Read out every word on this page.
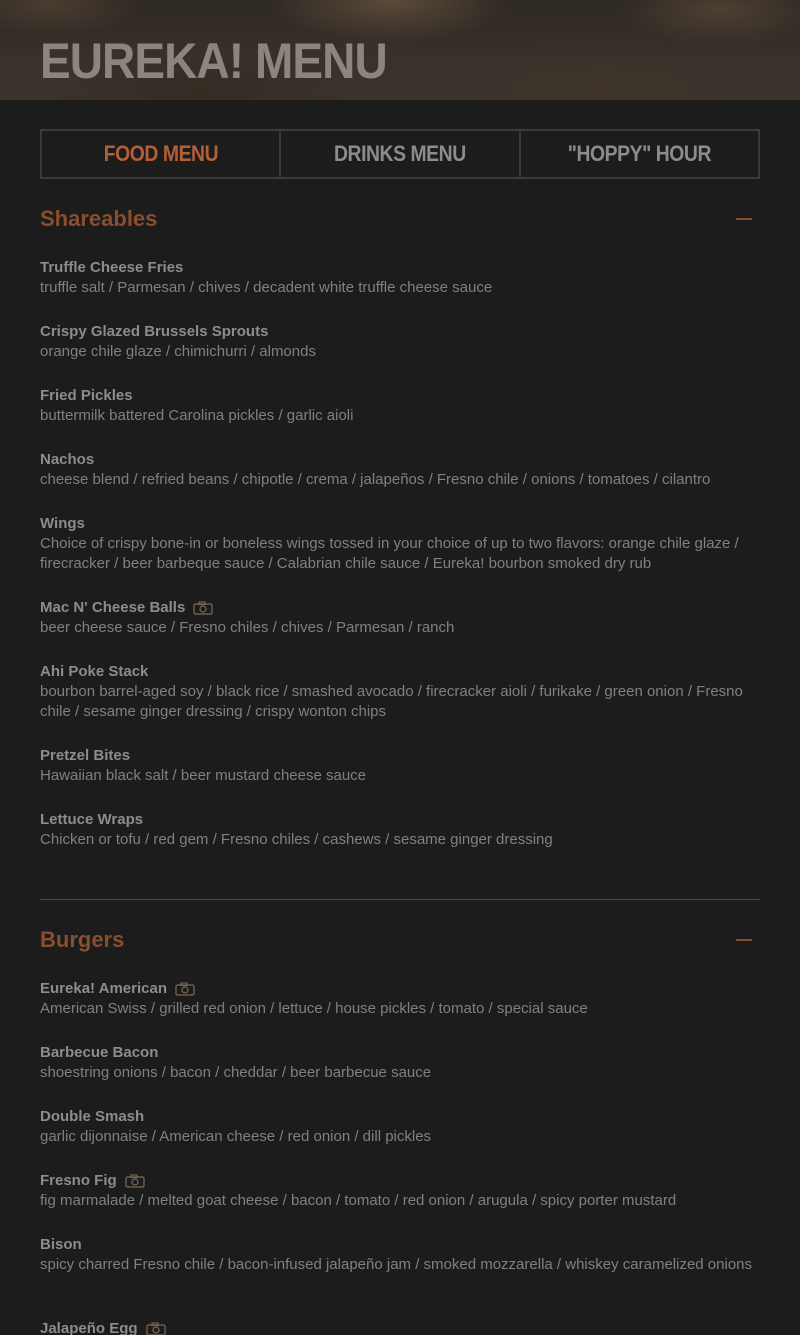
EUREKA! MENU
FOOD MENU	DRINKS MENU	"HOPPY" HOUR
Shareables
Truffle Cheese Fries
truffle salt / Parmesan / chives / decadent white truffle cheese sauce
Crispy Glazed Brussels Sprouts
orange chile glaze / chimichurri / almonds
Fried Pickles
buttermilk battered Carolina pickles / garlic aioli
Nachos
cheese blend / refried beans / chipotle / crema / jalapeños / Fresno chile / onions / tomatoes / cilantro
Wings
Choice of crispy bone-in or boneless wings tossed in your choice of up to two flavors: orange chile glaze / firecracker / beer barbeque sauce / Calabrian chile sauce / Eureka! bourbon smoked dry rub
Mac N' Cheese Balls
beer cheese sauce / Fresno chiles / chives / Parmesan / ranch
Ahi Poke Stack
bourbon barrel-aged soy / black rice / smashed avocado / firecracker aioli / furikake / green onion / Fresno chile / sesame ginger dressing / crispy wonton chips
Pretzel Bites
Hawaiian black salt / beer mustard cheese sauce
Lettuce Wraps
Chicken or tofu / red gem / Fresno chiles / cashews / sesame ginger dressing
Burgers
Eureka! American
American Swiss / grilled red onion / lettuce / house pickles / tomato / special sauce
Barbecue Bacon
shoestring onions / bacon / cheddar / beer barbecue sauce
Double Smash
garlic dijonnaise / American cheese / red onion / dill pickles
Fresno Fig
fig marmalade / melted goat cheese / bacon / tomato / red onion / arugula / spicy porter mustard
Bison
spicy charred Fresno chile / bacon-infused jalapeño jam / smoked mozzarella / whiskey caramelized onions
Jalapeño Egg
